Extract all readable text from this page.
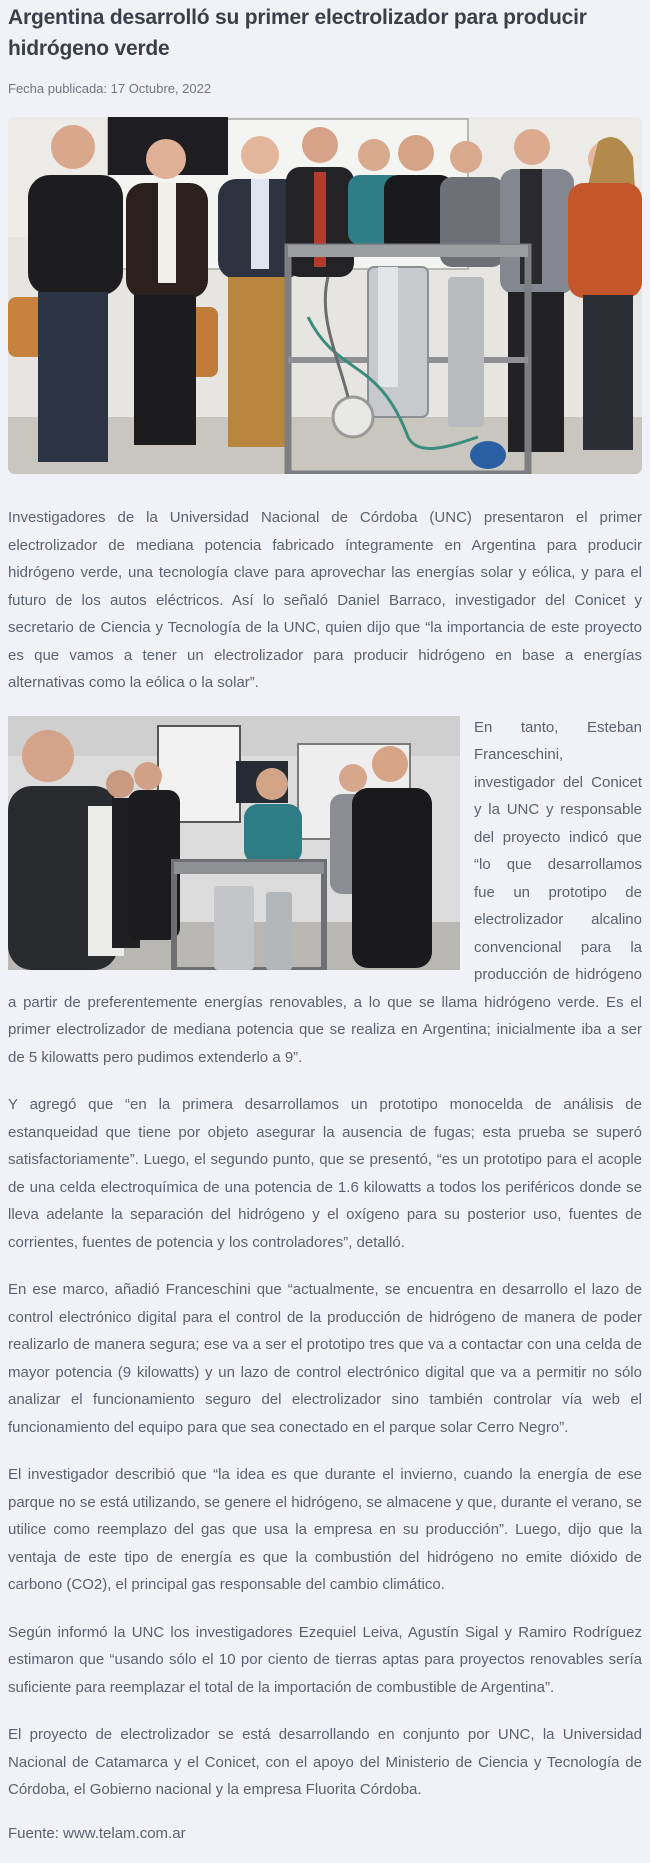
Argentina desarrolló su primer electrolizador para producir hidrógeno verde

Fecha publicada: 17 Octubre, 2022

Investigadores de la Universidad Nacional de Córdoba (UNC) presentaron el primer electrolizador de mediana potencia fabricado íntegramente en Argentina para producir hidrógeno verde, una tecnología clave para aprovechar las energías solar y eólica, y para el futuro de los autos eléctricos. Así lo señaló Daniel Barraco, investigador del Conicet y secretario de Ciencia y Tecnología de la UNC, quien dijo que “la importancia de este proyecto es que vamos a tener un electrolizador para producir hidrógeno en base a energías alternativas como la eólica o la solar”.

En tanto, Esteban Franceschini, investigador del Conicet y la UNC y responsable del proyecto indicó que “lo que desarrollamos fue un prototipo de electrolizador alcalino convencional para la producción de hidrógeno a partir de preferentemente energías renovables, a lo que se llama hidrógeno verde. Es el primer electrolizador de mediana potencia que se realiza en Argentina; inicialmente iba a ser de 5 kilowatts pero pudimos extenderlo a 9”.

Y agregó que “en la primera desarrollamos un prototipo monocelda de análisis de estanqueidad que tiene por objeto asegurar la ausencia de fugas; esta prueba se superó satisfactoriamente”. Luego, el segundo punto, que se presentó, “es un prototipo para el acople de una celda electroquímica de una potencia de 1.6 kilowatts a todos los periféricos donde se lleva adelante la separación del hidrógeno y el oxígeno para su posterior uso, fuentes de corrientes, fuentes de potencia y los controladores”, detalló.

En ese marco, añadió Franceschini que “actualmente, se encuentra en desarrollo el lazo de control electrónico digital para el control de la producción de hidrógeno de manera de poder realizarlo de manera segura; ese va a ser el prototipo tres que va a contactar con una celda de mayor potencia (9 kilowatts) y un lazo de control electrónico digital que va a permitir no sólo analizar el funcionamiento seguro del electrolizador sino también controlar vía web el funcionamiento del equipo para que sea conectado en el parque solar Cerro Negro”.

El investigador describió que “la idea es que durante el invierno, cuando la energía de ese parque no se está utilizando, se genere el hidrógeno, se almacene y que, durante el verano, se utilice como reemplazo del gas que usa la empresa en su producción”. Luego, dijo que la ventaja de este tipo de energía es que la combustión del hidrógeno no emite dióxido de carbono (CO2), el principal gas responsable del cambio climático.

Según informó la UNC los investigadores Ezequiel Leiva, Agustín Sigal y Ramiro Rodríguez estimaron que “usando sólo el 10 por ciento de tierras aptas para proyectos renovables sería suficiente para reemplazar el total de la importación de combustible de Argentina”.

El proyecto de electrolizador se está desarrollando en conjunto por UNC, la Universidad Nacional de Catamarca y el Conicet, con el apoyo del Ministerio de Ciencia y Tecnología de Córdoba, el Gobierno nacional y la empresa Fluorita Córdoba.

Fuente: www.telam.com.ar
